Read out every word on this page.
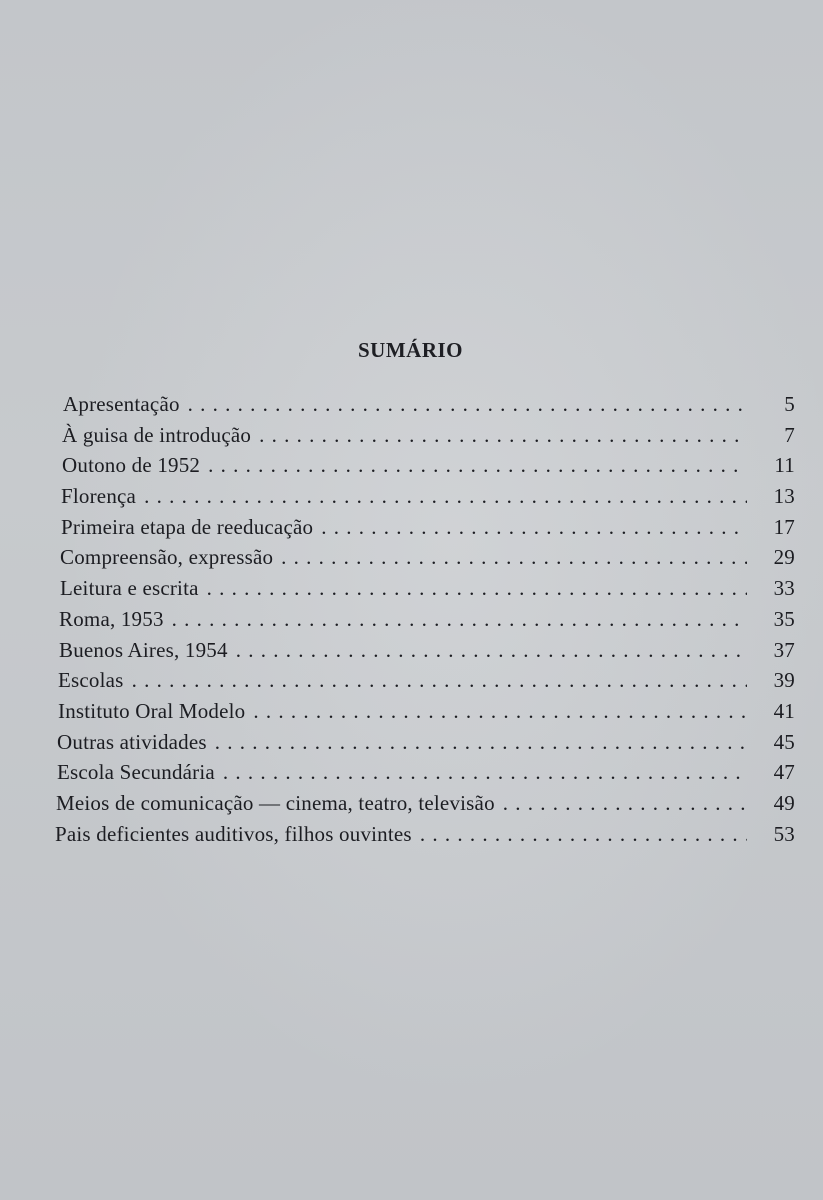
SUMÁRIO
Apresentação . . .	5
À guisa de introdução . . .	7
Outono de 1952 . . .	11
Florença . . .	13
Primeira etapa de reeducação . . .	17
Compreensão, expressão . . .	29
Leitura e escrita . . .	33
Roma, 1953 . . .	35
Buenos Aires, 1954 . . .	37
Escolas . . .	39
Instituto Oral Modelo . . .	41
Outras atividades . . .	45
Escola Secundária . . .	47
Meios de comunicação — cinema, teatro, televisão . . .	49
Pais deficientes auditivos, filhos ouvintes . . .	53
